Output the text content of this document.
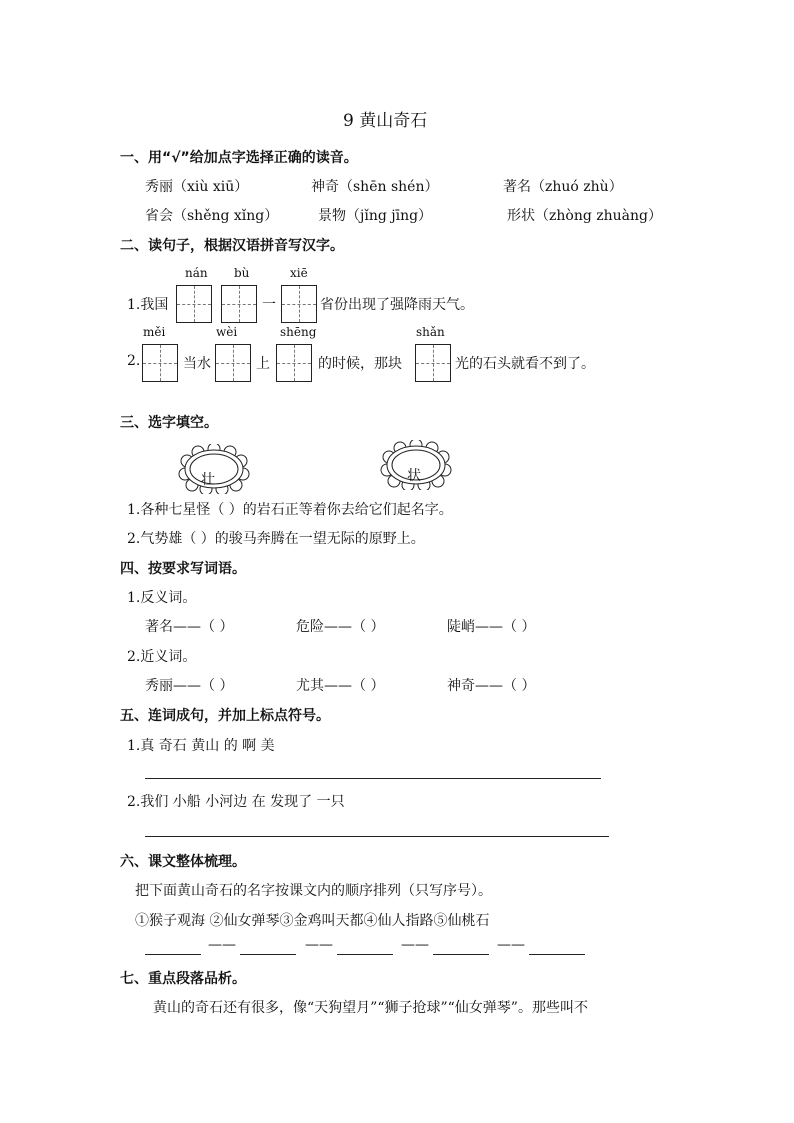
9 黄山奇石
一、用“√”给加点字选择正确的读音。
秀丽（xiù xiū）	神奇（shēn shén）	著名（zhuó zhù）
省会（shěng xǐng）	景物（jǐng jīng）	形状（zhòng zhuàng）
二、读句子，根据汉语拼音写汉字。
nán bù	xiē
1.我国	一	省份出现了强降雨天气。
měi	wèi	shēng	shǎn
2.	当水	上	的时候，那块	光的石头就看不到了。
三、选字填空。
壮	状
1.各种七星怪（ ）的岩石正等着你去给它们起名字。
2.气势雄（ ）的骏马奔腾在一望无际的原野上。
四、按要求写词语。
1.反义词。
著名——（ ）	危险——（ ）	陡峭——（ ）
2.近义词。
秀丽——（ ）	尤其——（ ）	神奇——（ ）
五、连词成句，并加上标点符号。
1.真 奇石 黄山 的 啊 美
2.我们 小船 小河边 在 发现了 一只
六、课文整体梳理。
把下面黄山奇石的名字按课文内的顺序排列（只写序号）。
①猴子观海 ②仙女弹琴③金鸡叫天都④仙人指路⑤仙桃石
——	——	——	——
七、重点段落品析。
黄山的奇石还有很多，像“天狗望月”“狮子抢球”“仙女弹琴”。那些叫不
